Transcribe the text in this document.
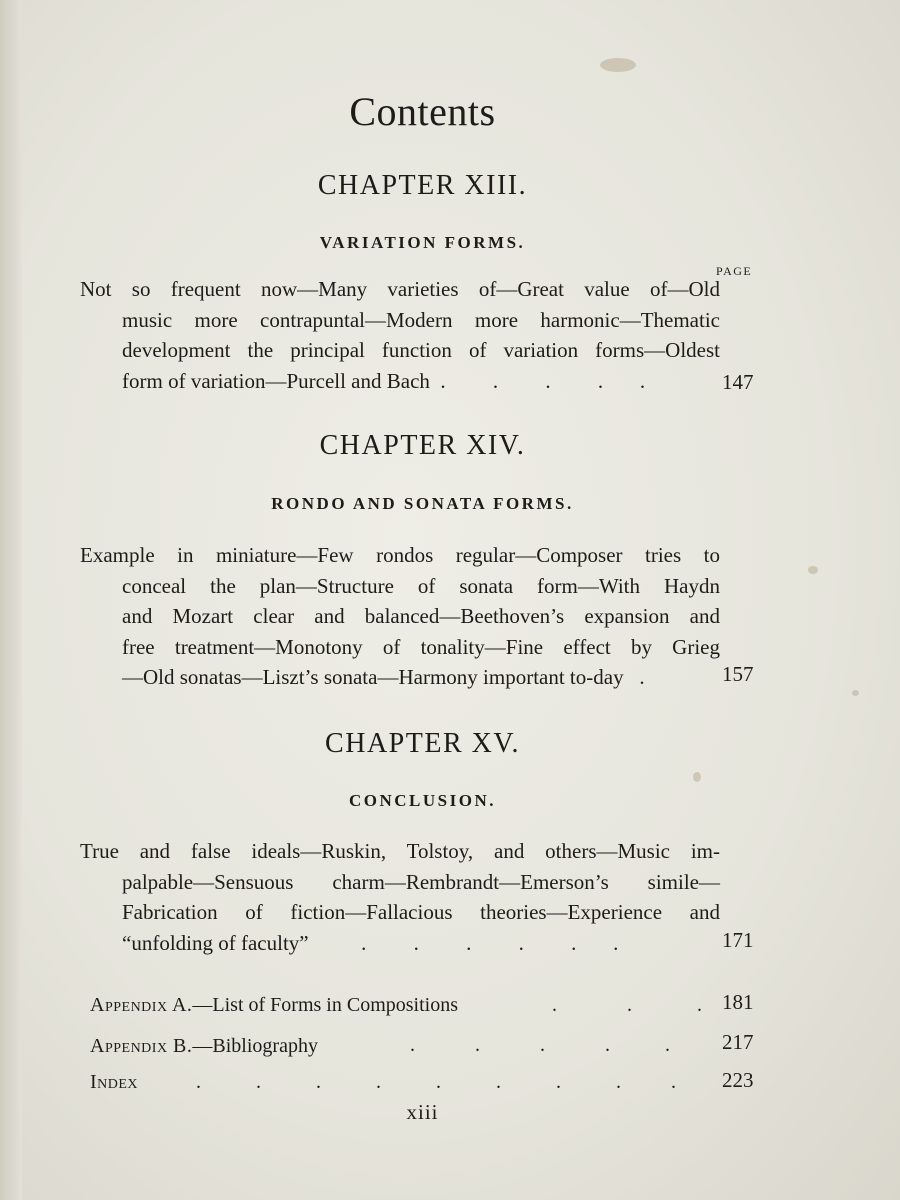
Contents
CHAPTER XIII.
VARIATION FORMS.
PAGE
Not so frequent now—Many varieties of—Great value of—Old
music more contrapuntal—Modern more harmonic—Thematic
development the principal function of variation forms—Oldest
form of variation—Purcell and Bach  .         .         .         .       .	147
CHAPTER XIV.
RONDO AND SONATA FORMS.
Example in miniature—Few rondos regular—Composer tries to
conceal the plan—Structure of sonata form—With Haydn
and Mozart clear and balanced—Beethoven’s expansion and
free treatment—Monotony of tonality—Fine effect by Grieg
—Old sonatas—Liszt’s sonata—Harmony important to-day   .	157
CHAPTER XV.
CONCLUSION.
True and false ideals—Ruskin, Tolstoy, and others—Music im-
palpable—Sensuous charm—Rembrandt—Emerson’s simile—
Fabrication of fiction—Fallacious theories—Experience and
“unfolding of faculty”          .         .         .         .         .       .	171
Appendix A.—List of Forms in Compositions	.              .             . 181
Appendix B.—Bibliography	.            .            .            .           . 217
Index	.           .           .           .           .           .           .           .          . 223
xiii
